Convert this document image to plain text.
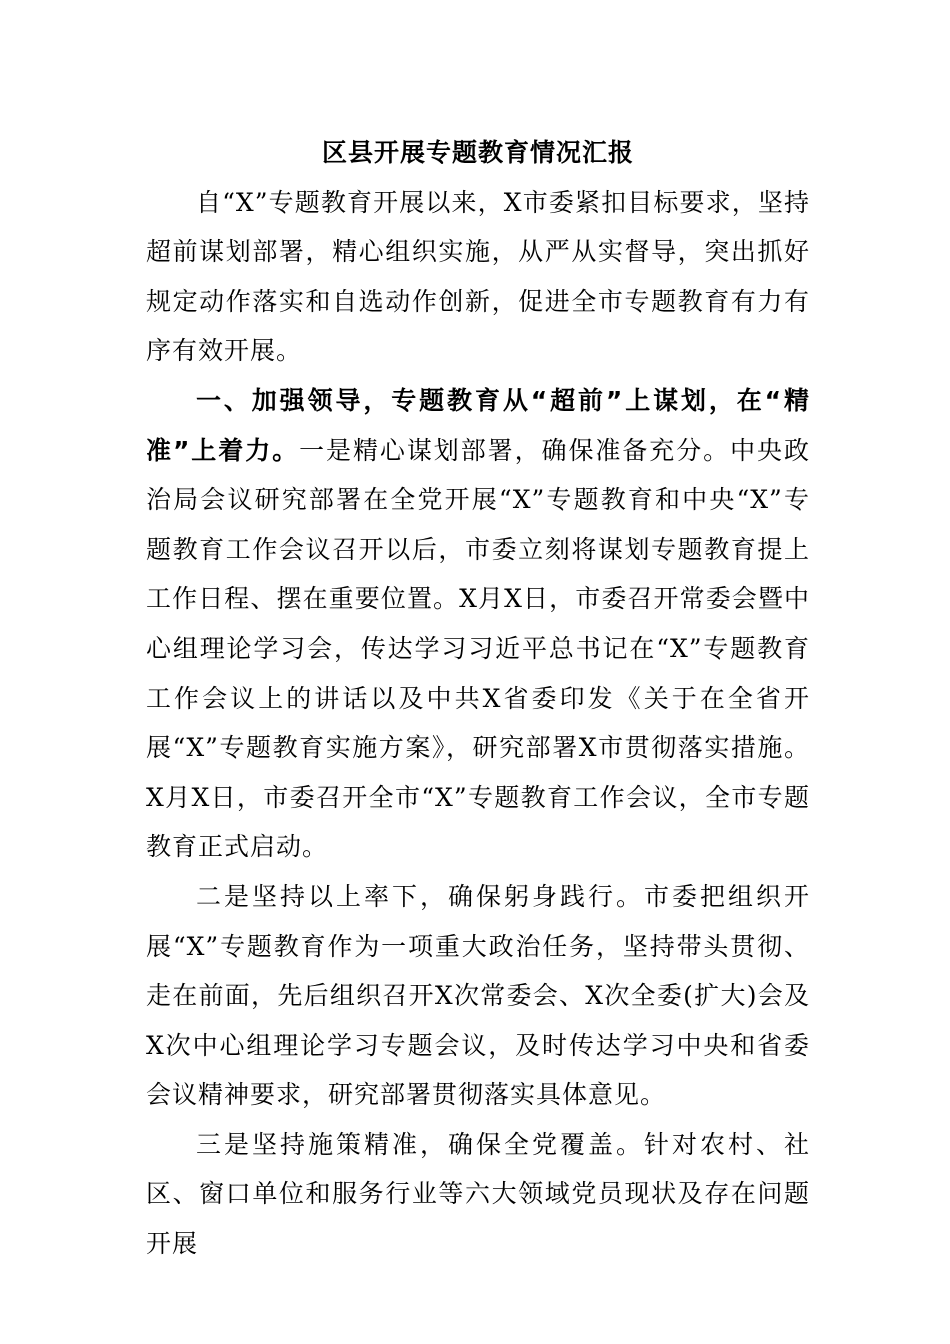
区县开展专题教育情况汇报

自“X”专题教育开展以来，X市委紧扣目标要求，坚持超前谋划部署，精心组织实施，从严从实督导，突出抓好规定动作落实和自选动作创新，促进全市专题教育有力有序有效开展。

一、加强领导，专题教育从“超前”上谋划，在“精准”上着力。一是精心谋划部署，确保准备充分。中央政治局会议研究部署在全党开展“X”专题教育和中央“X”专题教育工作会议召开以后，市委立刻将谋划专题教育提上工作日程、摆在重要位置。X月X日，市委召开常委会暨中心组理论学习会，传达学习习近平总书记在“X”专题教育工作会议上的讲话以及中共X省委印发《关于在全省开展“X”专题教育实施方案》，研究部署X市贯彻落实措施。X月X日，市委召开全市“X”专题教育工作会议，全市专题教育正式启动。

二是坚持以上率下，确保躬身践行。市委把组织开展“X”专题教育作为一项重大政治任务，坚持带头贯彻、走在前面，先后组织召开X次常委会、X次全委(扩大)会及X次中心组理论学习专题会议，及时传达学习中央和省委会议精神要求，研究部署贯彻落实具体意见。

三是坚持施策精准，确保全党覆盖。针对农村、社区、窗口单位和服务行业等六大领域党员现状及存在问题开展
